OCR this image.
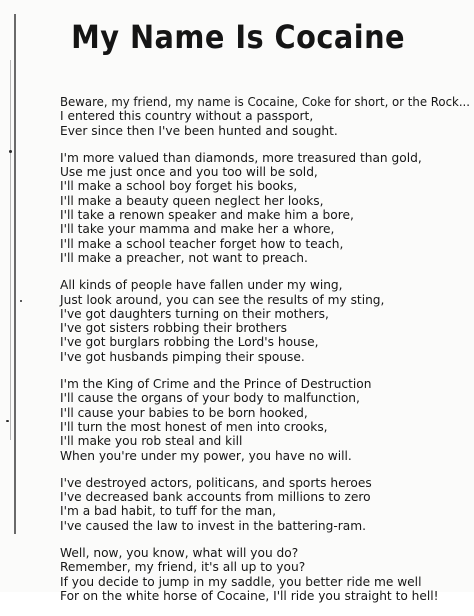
My Name Is Cocaine
Beware, my friend, my name is Cocaine, Coke for short, or the Rock...
I entered this country without a passport,
Ever since then I've been hunted and sought.
I'm more valued than diamonds, more treasured than gold,
Use me just once and you too will be sold,
I'll make a school boy forget his books,
I'll make a beauty queen neglect her looks,
I'll take a renown speaker and make him a bore,
I'll take your mamma and make her a whore,
I'll make a school teacher forget how to teach,
I'll make a preacher, not want to preach.
All kinds of people have fallen under my wing,
Just look around, you can see the results of my sting,
I've got daughters turning on their mothers,
I've got sisters robbing their brothers
I've got burglars robbing the Lord's house,
I've got husbands pimping their spouse.
I'm the King of Crime and the Prince of Destruction
I'll cause the organs of your body to malfunction,
I'll cause your babies to be born hooked,
I'll turn the most honest of men into crooks,
I'll make you rob steal and kill
When you're under my power, you have no will.
I've destroyed actors, politicans, and sports heroes
I've decreased bank accounts from millions to zero
I'm a bad habit, to tuff for the man,
I've caused the law to invest in the battering-ram.
Well, now, you know, what will you do?
Remember, my friend, it's all up to you?
If you decide to jump in my saddle, you better ride me well
For on the white horse of Cocaine, I'll ride you straight to hell!
